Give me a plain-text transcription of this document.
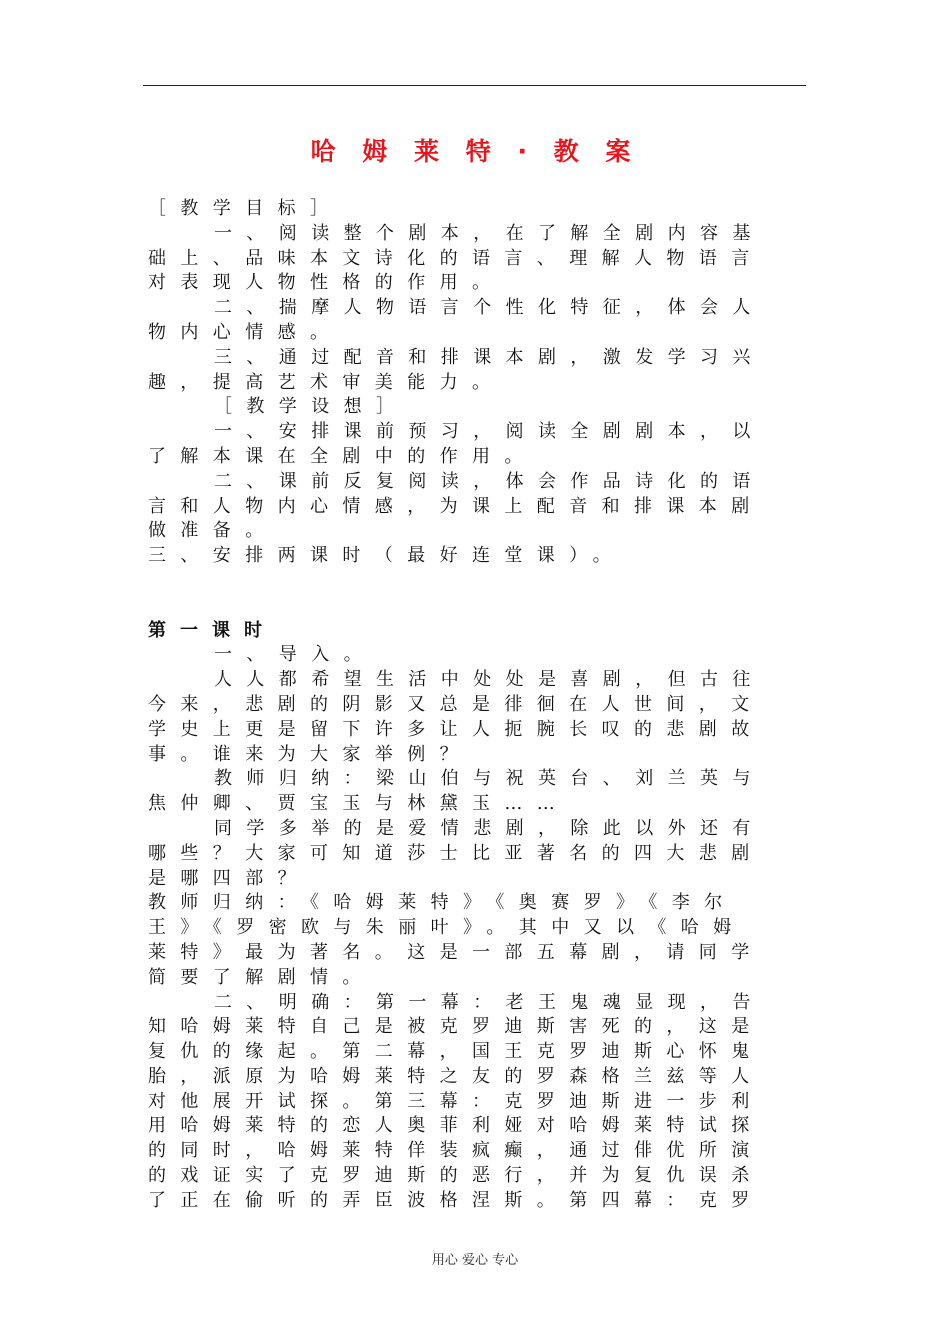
哈 姆 莱 特 · 教 案
［教学目标］
一、阅读整个剧本，在了解全剧内容基
础上、品味本文诗化的语言、理解人物语言
对表现人物性格的作用。
二、揣摩人物语言个性化特征，体会人
物内心情感。
三、通过配音和排课本剧，激发学习兴
趣，提高艺术审美能力。
［教学设想］
一、安排课前预习，阅读全剧剧本，以
了解本课在全剧中的作用。
二、课前反复阅读，体会作品诗化的语
言和人物内心情感，为课上配音和排课本剧
做准备。
三、安排两课时（最好连堂课）。
第一课时
一、导入。
人人都希望生活中处处是喜剧，但古往
今来，悲剧的阴影又总是徘徊在人世间，文
学史上更是留下许多让人扼腕长叹的悲剧故
事。谁来为大家举例？
教师归纳：梁山伯与祝英台、刘兰英与
焦仲卿、贾宝玉与林黛玉……
同学多举的是爱情悲剧，除此以外还有
哪些？大家可知道莎士比亚著名的四大悲剧
是哪四部？
教师归纳：《哈姆莱特》《奥赛罗》《李尔
王》《罗密欧与朱丽叶》。其中又以《哈姆
莱特》最为著名。这是一部五幕剧，请同学
简要了解剧情。
二、明确：第一幕：老王鬼魂显现，告
知哈姆莱特自己是被克罗迪斯害死的，这是
复仇的缘起。第二幕，国王克罗迪斯心怀鬼
胎，派原为哈姆莱特之友的罗森格兰兹等人
对他展开试探。第三幕：克罗迪斯进一步利
用哈姆莱特的恋人奥菲利娅对哈姆莱特试探
的同时，哈姆莱特佯装疯癫，通过俳优所演
的戏证实了克罗迪斯的恶行，并为复仇误杀
了正在偷听的弄臣波格涅斯。第四幕：克罗
用心 爱心 专心
